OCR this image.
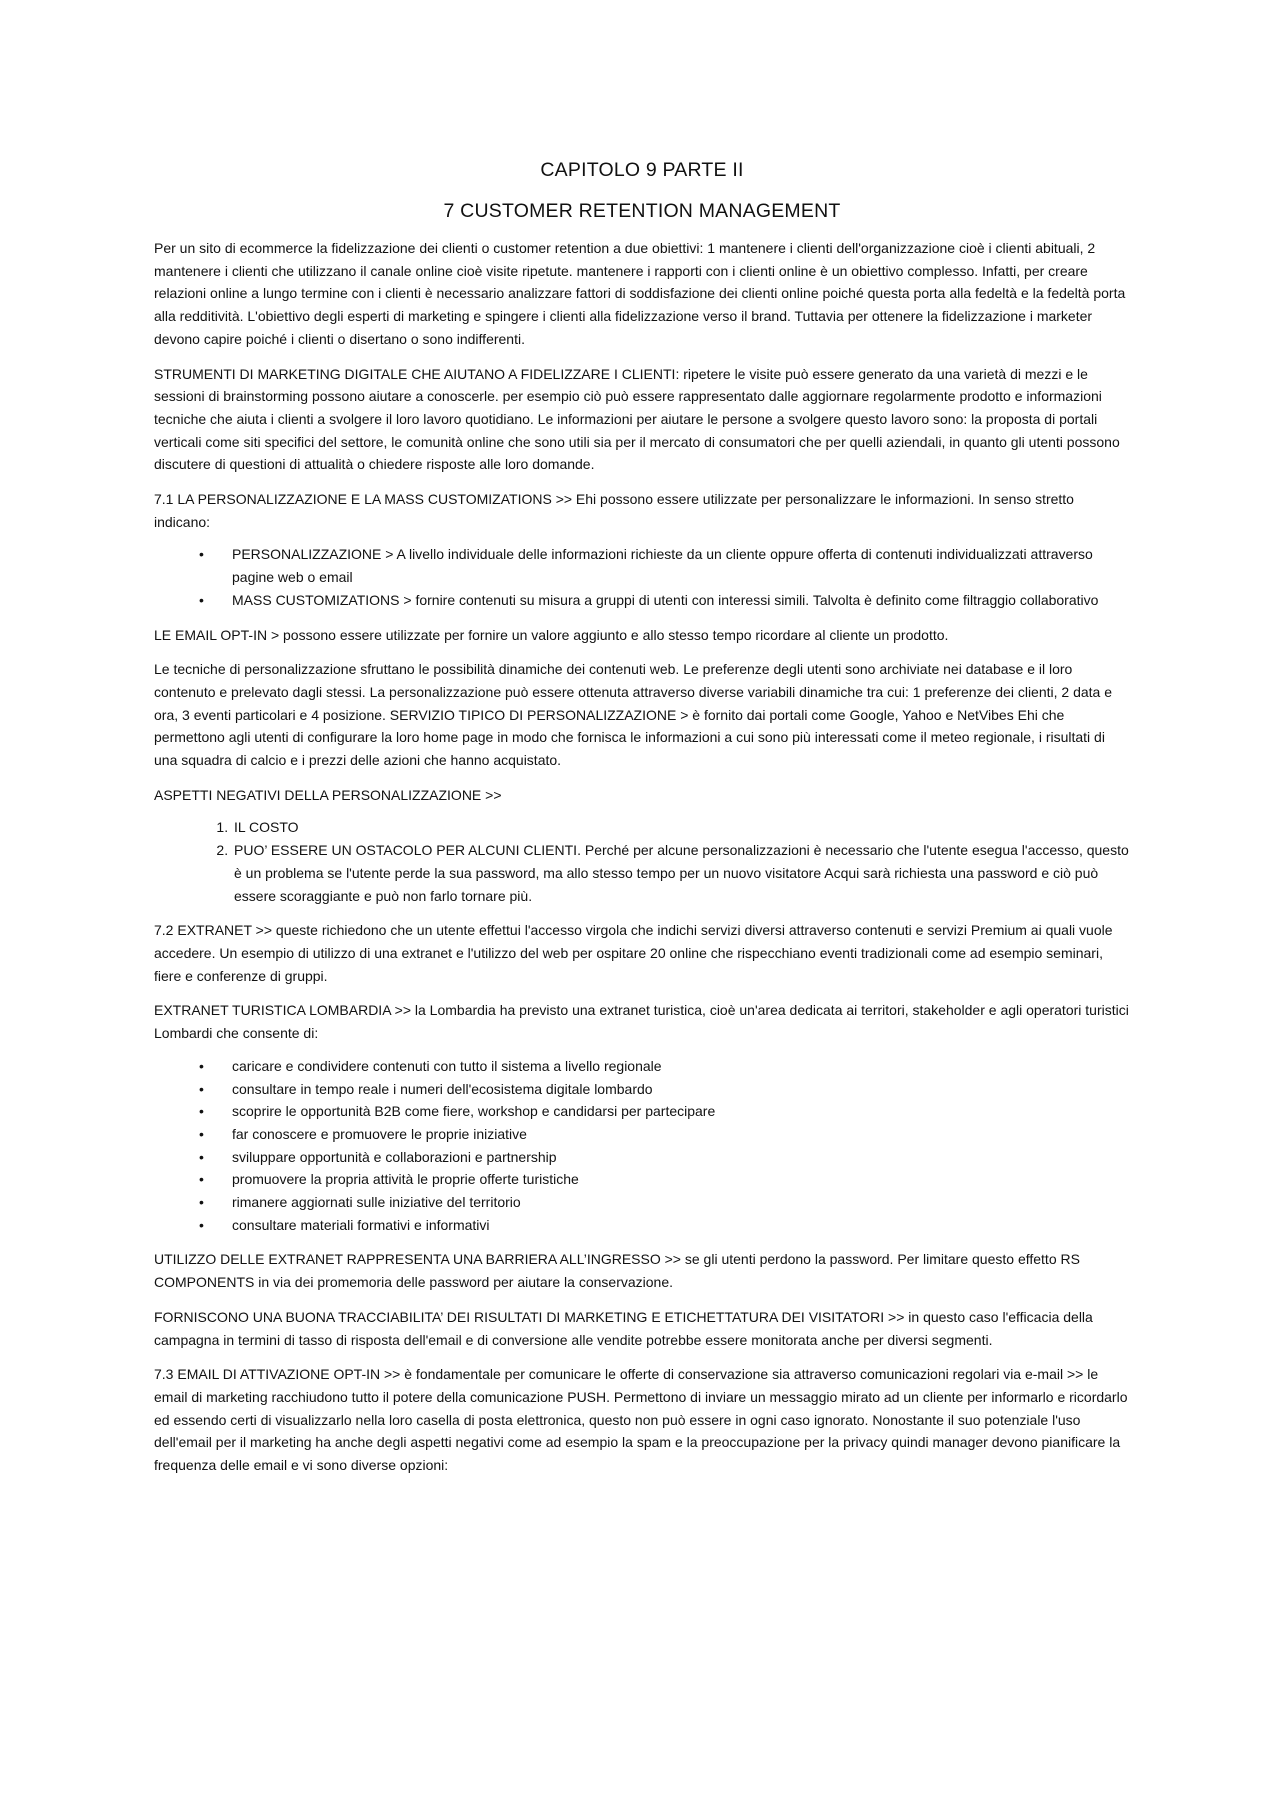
CAPITOLO 9 PARTE II
7 CUSTOMER RETENTION MANAGEMENT

Per un sito di ecommerce la fidelizzazione dei clienti o customer retention a due obiettivi: 1 mantenere i clienti dell'organizzazione cioè i clienti abituali, 2 mantenere i clienti che utilizzano il canale online cioè visite ripetute. mantenere i rapporti con i clienti online è un obiettivo complesso. Infatti, per creare relazioni online a lungo termine con i clienti è necessario analizzare fattori di soddisfazione dei clienti online poiché questa porta alla fedeltà e la fedeltà porta alla redditività. L'obiettivo degli esperti di marketing e spingere i clienti alla fidelizzazione verso il brand. Tuttavia per ottenere la fidelizzazione i marketer devono capire poiché i clienti o disertano o sono indifferenti.

STRUMENTI DI MARKETING DIGITALE CHE AIUTANO A FIDELIZZARE I CLIENTI: ripetere le visite può essere generato da una varietà di mezzi e le sessioni di brainstorming possono aiutare a conoscerle. per esempio ciò può essere rappresentato dalle aggiornare regolarmente prodotto e informazioni tecniche che aiuta i clienti a svolgere il loro lavoro quotidiano. Le informazioni per aiutare le persone a svolgere questo lavoro sono: la proposta di portali verticali come siti specifici del settore, le comunità online che sono utili sia per il mercato di consumatori che per quelli aziendali, in quanto gli utenti possono discutere di questioni di attualità o chiedere risposte alle loro domande.

7.1 LA PERSONALIZZAZIONE E LA MASS CUSTOMIZATIONS >> Ehi possono essere utilizzate per personalizzare le informazioni. In senso stretto indicano:

• PERSONALIZZAZIONE > A livello individuale delle informazioni richieste da un cliente oppure offerta di contenuti individualizzati attraverso pagine web o email
• MASS CUSTOMIZATIONS > fornire contenuti su misura a gruppi di utenti con interessi simili. Talvolta è definito come filtraggio collaborativo

LE EMAIL OPT-IN > possono essere utilizzate per fornire un valore aggiunto e allo stesso tempo ricordare al cliente un prodotto.

Le tecniche di personalizzazione sfruttano le possibilità dinamiche dei contenuti web. Le preferenze degli utenti sono archiviate nei database e il loro contenuto e prelevato dagli stessi. La personalizzazione può essere ottenuta attraverso diverse variabili dinamiche tra cui: 1 preferenze dei clienti, 2 data e ora, 3 eventi particolari e 4 posizione. SERVIZIO TIPICO DI PERSONALIZZAZIONE > è fornito dai portali come Google, Yahoo e NetVibes Ehi che permettono agli utenti di configurare la loro home page in modo che fornisca le informazioni a cui sono più interessati come il meteo regionale, i risultati di una squadra di calcio e i prezzi delle azioni che hanno acquistato.

ASPETTI NEGATIVI DELLA PERSONALIZZAZIONE >>

1. IL COSTO
2. PUO’ ESSERE UN OSTACOLO PER ALCUNI CLIENTI. Perché per alcune personalizzazioni è necessario che l'utente esegua l'accesso, questo è un problema se l'utente perde la sua password, ma allo stesso tempo per un nuovo visitatore Acqui sarà richiesta una password e ciò può essere scoraggiante e può non farlo tornare più.

7.2 EXTRANET >> queste richiedono che un utente effettui l'accesso virgola che indichi servizi diversi attraverso contenuti e servizi Premium ai quali vuole accedere. Un esempio di utilizzo di una extranet e l'utilizzo del web per ospitare 20 online che rispecchiano eventi tradizionali come ad esempio seminari, fiere e conferenze di gruppi.

EXTRANET TURISTICA LOMBARDIA >> la Lombardia ha previsto una extranet turistica, cioè un'area dedicata ai territori, stakeholder e agli operatori turistici Lombardi che consente di:

• caricare e condividere contenuti con tutto il sistema a livello regionale
• consultare in tempo reale i numeri dell'ecosistema digitale lombardo
• scoprire le opportunità B2B come fiere, workshop e candidarsi per partecipare
• far conoscere e promuovere le proprie iniziative
• sviluppare opportunità e collaborazioni e partnership
• promuovere la propria attività le proprie offerte turistiche
• rimanere aggiornati sulle iniziative del territorio
• consultare materiali formativi e informativi

UTILIZZO DELLE EXTRANET RAPPRESENTA UNA BARRIERA ALL’INGRESSO >> se gli utenti perdono la password. Per limitare questo effetto RS COMPONENTS in via dei promemoria delle password per aiutare la conservazione.

FORNISCONO UNA BUONA TRACCIABILITA’ DEI RISULTATI DI MARKETING E ETICHETTATURA DEI VISITATORI >> in questo caso l'efficacia della campagna in termini di tasso di risposta dell'email e di conversione alle vendite potrebbe essere monitorata anche per diversi segmenti.

7.3 EMAIL DI ATTIVAZIONE OPT-IN >> è fondamentale per comunicare le offerte di conservazione sia attraverso comunicazioni regolari via e-mail >> le email di marketing racchiudono tutto il potere della comunicazione PUSH. Permettono di inviare un messaggio mirato ad un cliente per informarlo e ricordarlo ed essendo certi di visualizzarlo nella loro casella di posta elettronica, questo non può essere in ogni caso ignorato. Nonostante il suo potenziale l'uso dell'email per il marketing ha anche degli aspetti negativi come ad esempio la spam e la preoccupazione per la privacy quindi manager devono pianificare la frequenza delle email e vi sono diverse opzioni:
